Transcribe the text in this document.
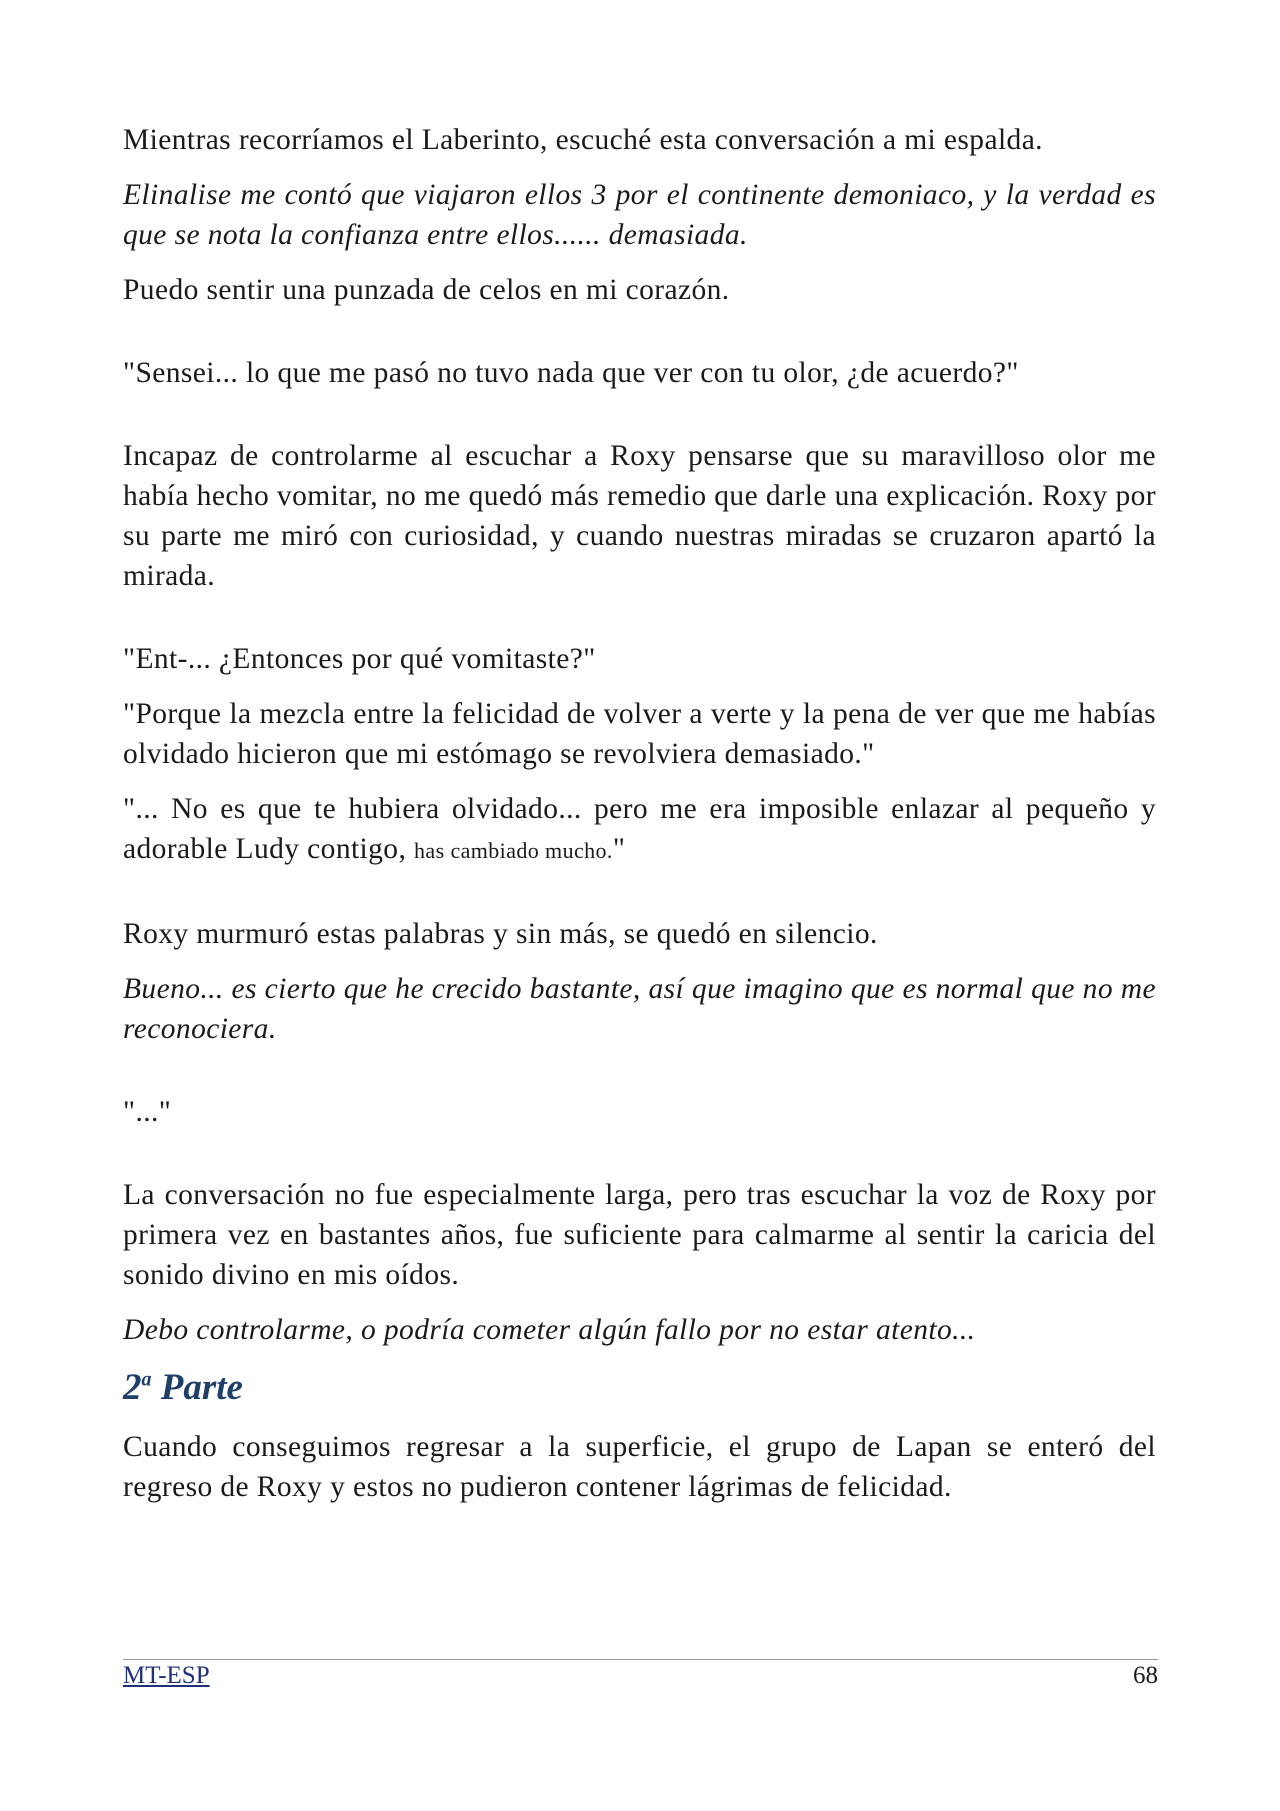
Mientras recorríamos el Laberinto, escuché esta conversación a mi espalda.

Elinalise me contó que viajaron ellos 3 por el continente demoniaco, y la verdad es que se nota la confianza entre ellos...... demasiada.

Puedo sentir una punzada de celos en mi corazón.

"Sensei... lo que me pasó no tuvo nada que ver con tu olor, ¿de acuerdo?"

Incapaz de controlarme al escuchar a Roxy pensarse que su maravilloso olor me había hecho vomitar, no me quedó más remedio que darle una explicación. Roxy por su parte me miró con curiosidad, y cuando nuestras miradas se cruzaron apartó la mirada.

"Ent-... ¿Entonces por qué vomitaste?"

"Porque la mezcla entre la felicidad de volver a verte y la pena de ver que me habías olvidado hicieron que mi estómago se revolviera demasiado."

"... No es que te hubiera olvidado... pero me era imposible enlazar al pequeño y adorable Ludy contigo, has cambiado mucho."

Roxy murmuró estas palabras y sin más, se quedó en silencio.

Bueno... es cierto que he crecido bastante, así que imagino que es normal que no me reconociera.

"..."

La conversación no fue especialmente larga, pero tras escuchar la voz de Roxy por primera vez en bastantes años, fue suficiente para calmarme al sentir la caricia del sonido divino en mis oídos.

Debo controlarme, o podría cometer algún fallo por no estar atento...

2$^a$ Parte

Cuando conseguimos regresar a la superficie, el grupo de Lapan se enteró del regreso de Roxy y estos no pudieron contener lágrimas de felicidad.

MT-ESP	68
